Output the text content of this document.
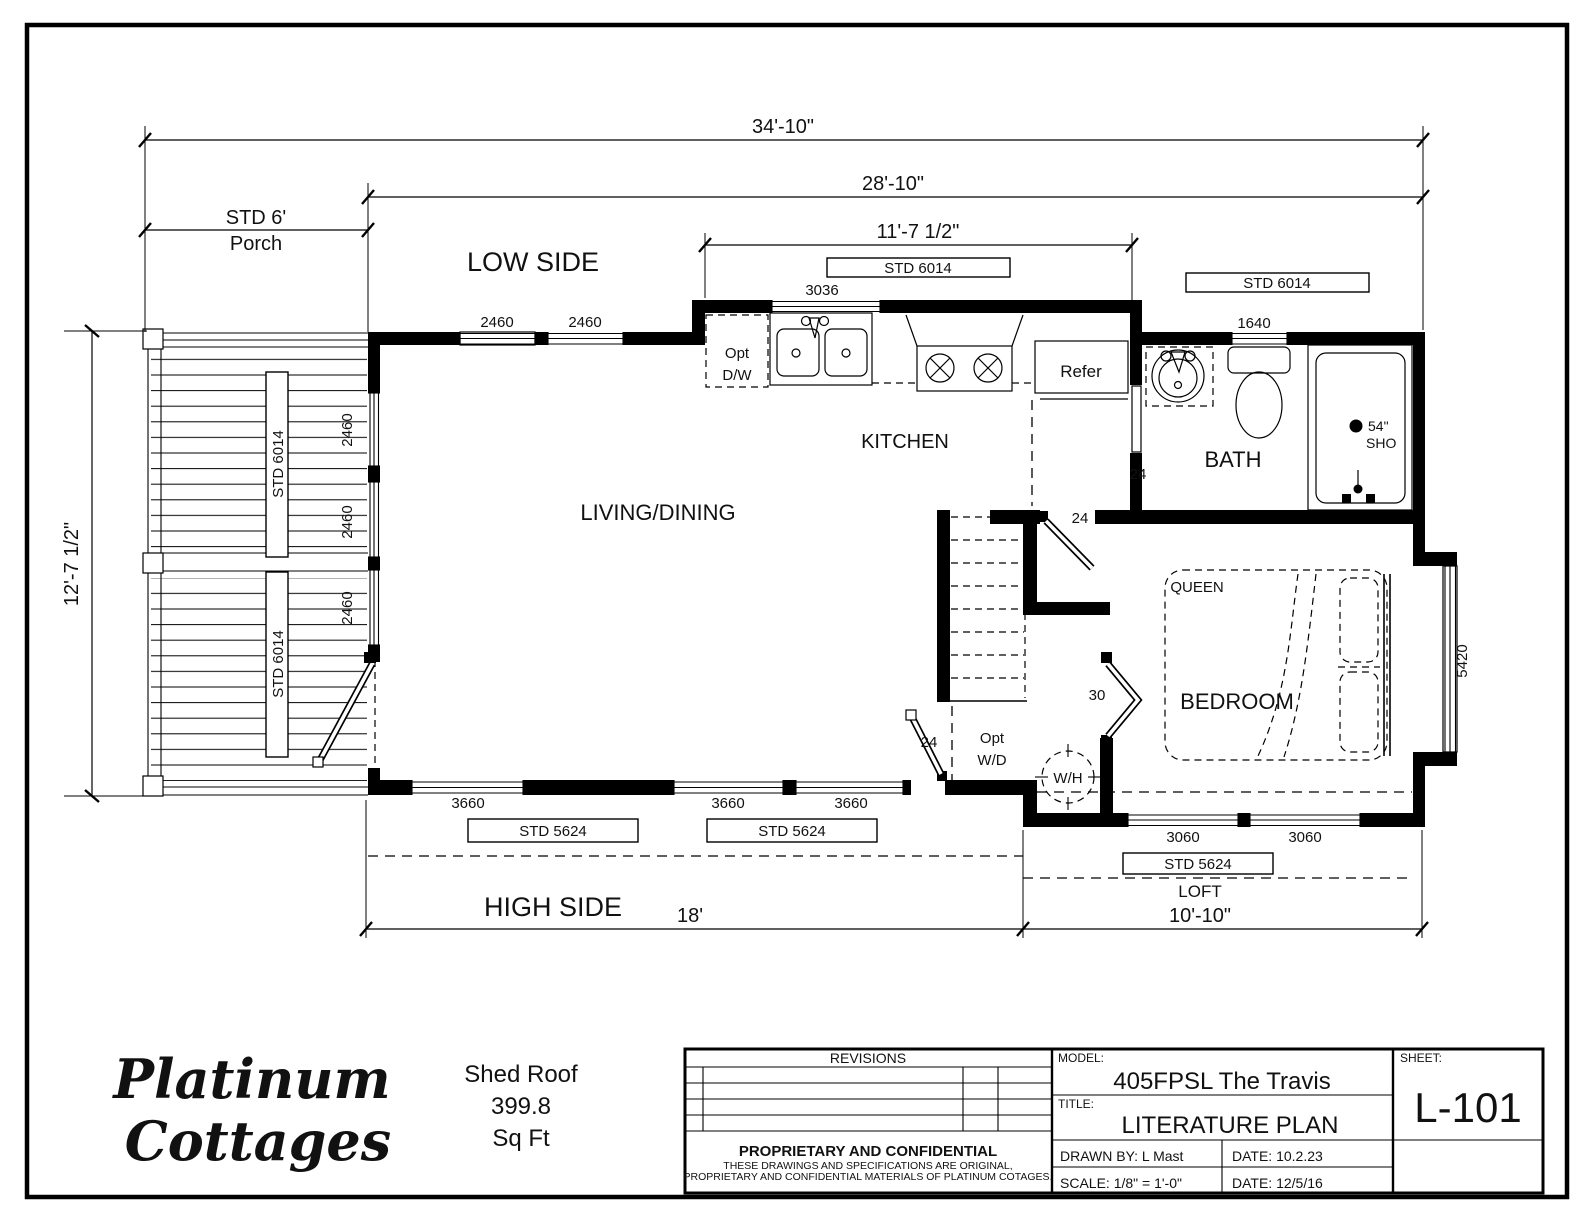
STD 6014
STD 6014
2460	2460
3036
1640
2460
2460
2460
3660	3660	3660
3060	3060
5420
STD 6014
STD 6014
STD 5624	STD 5624
STD 5624
Opt
D/W	Refer
54"
SHO
Opt
W/D
W/H
QUEEN
24
24
24
30
LIVING/DINING
KITCHEN
BATH
BEDROOM
LOFT
LOW SIDE
HIGH SIDE
34'-10"
28'-10"
STD 6'
Porch
11'-7 1/2"
12'-7 1/2"
18'	10'-10"
REVISIONS
PROPRIETARY AND CONFIDENTIAL
THESE DRAWINGS AND SPECIFICATIONS ARE ORIGINAL,
PROPRIETARY AND CONFIDENTIAL MATERIALS OF PLATINUM COTAGES.
MODEL:
405FPSL The Travis
TITLE:
LITERATURE PLAN
SHEET:
L-101
DRAWN BY: L Mast	DATE: 10.2.23
SCALE: 1/8" = 1'-0"	DATE: 12/5/16
Platinum
Cottages
Shed Roof
399.8
Sq Ft
